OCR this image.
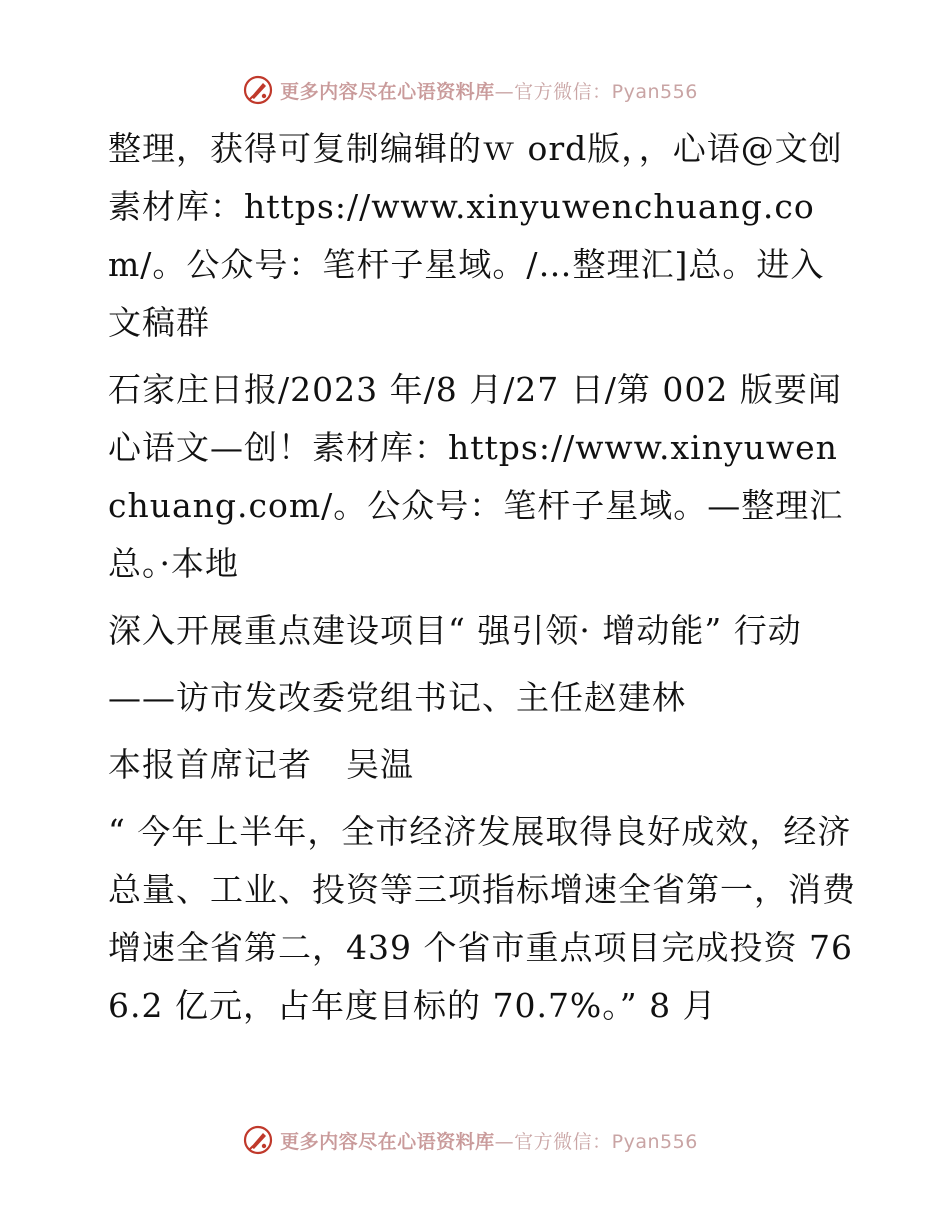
更多内容尽在心语资料库—官方微信：Pyan556

整理，获得可复制编辑的ｗ ord版，，心语@文创素材库：https://www.xinyuwenchuang.com/。公众号：笔杆子星域。/…整理汇]总。进入文稿群

石家庄日报/2023 年/8 月/27 日/第 002 版要闻心语文—创！素材库：https://www.xinyuwenchuang.com/。公众号：笔杆子星域。—整理汇总。·本地

深入开展重点建设项目“ 强引领· 增动能” 行动

——访市发改委党组书记、主任赵建林

本报首席记者　吴温

“ 今年上半年，全市经济发展取得良好成效，经济总量、工业、投资等三项指标增速全省第一，消费增速全省第二，439 个省市重点项目完成投资 766.2 亿元，占年度目标的 70.7%。” 8 月

更多内容尽在心语资料库—官方微信：Pyan556
